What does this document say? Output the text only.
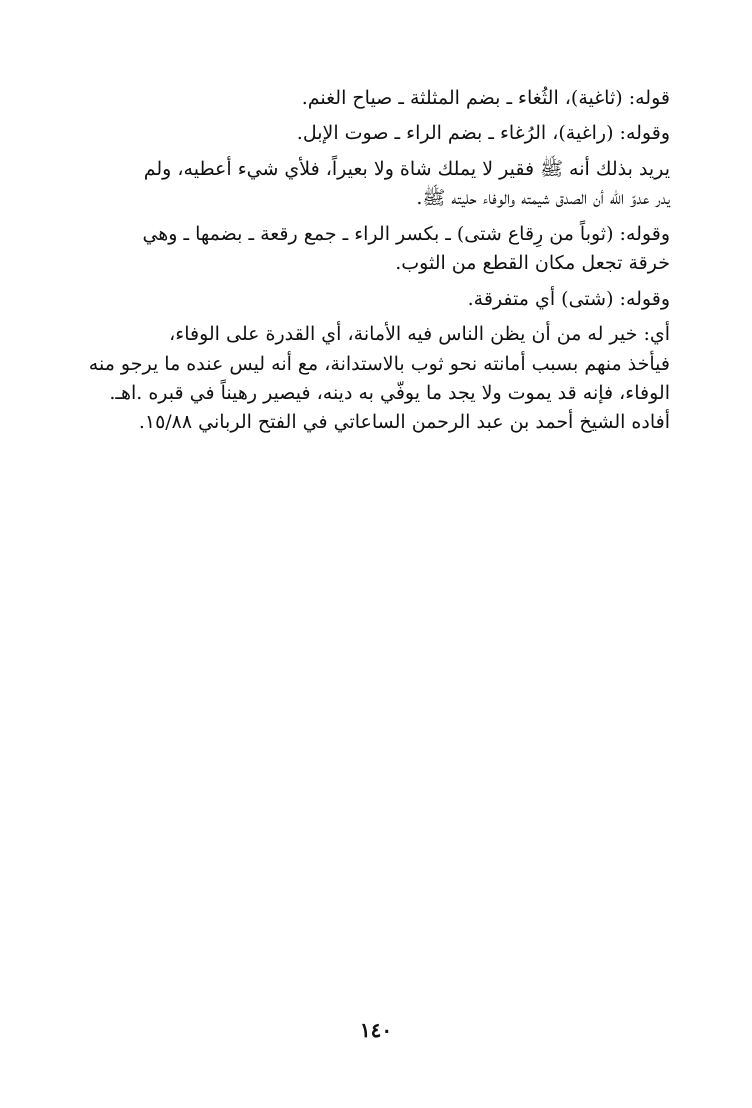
قوله: (ثاغية)، الثُغاء ـ بضم المثلثة ـ صياح الغنم.

وقوله: (راغية)، الرُغاء ـ بضم الراء ـ صوت الإبل.

يريد بذلك أنه ﷺ فقير لا يملك شاة ولا بعيراً، فلأي شيء أعطيه، ولم
يدر عدوّ الله أن الصدق شيمته والوفاء حليته ﷺ.

وقوله: (ثوباً من رِقاع شتى) ـ بكسر الراء ـ جمع رقعة ـ بضمها ـ وهي
خرقة تجعل مكان القطع من الثوب.

وقوله: (شتى) أي متفرقة.

أي: خير له من أن يظن الناس فيه الأمانة، أي القدرة على الوفاء،
فيأخذ منهم بسبب أمانته نحو ثوب بالاستدانة، مع أنه ليس عنده ما يرجو منه
الوفاء، فإنه قد يموت ولا يجد ما يوفّي به دينه، فيصير رهيناً في قبره .اهـ.
أفاده الشيخ أحمد بن عبد الرحمن الساعاتي في الفتح الرباني ١٥/٨٨.

١٤٠
